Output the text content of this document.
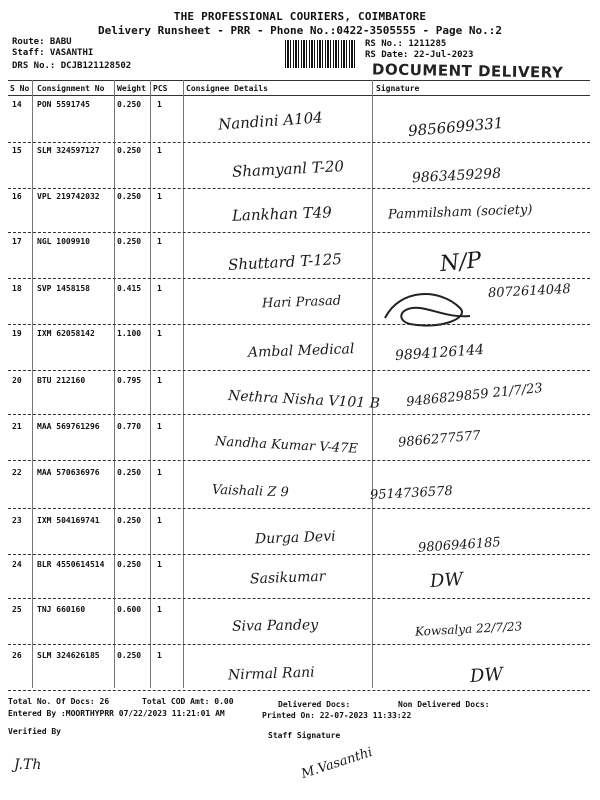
THE PROFESSIONAL COURIERS, COIMBATORE
Delivery Runsheet - PRR - Phone No.:0422-3505555 - Page No.:2
Route: BABU
Staff: VASANTHI
DRS No.: DCJB121128502
RS No.: 1211285
RS Date: 22-Jul-2023
DOCUMENT DELIVERY
S No Consignment No Weight PCS Consignee Details	Signature
14 PON 5591745	0.250 1
Nandini A104	9856699331
15 SLM 324597127 0.250 1
Shamyanl T-20	9863459298
16 VPL 219742032 0.250 1
Lankhan T49	Pammilsham (society)
17 NGL 1009910	0.250 1
Shuttard T-125	N/P
18 SVP 1458158	0.415 1
Hari Prasad
8072614048
19 IXM 62058142	1.100 1
Ambal Medical	9894126144
20 BTU 212160	0.795 1
Nethra Nisha V101 B 9486829859 21/7/23
21 MAA 569761296 0.770 1
Nandha Kumar V-47E	9866277577
22 MAA 570636976 0.250 1
Vaishali Z 9	9514736578
23 IXM 504169741 0.250 1
Durga Devi	9806946185
24 BLR 4550614514 0.250 1
Sasikumar	DW
25 TNJ 660160	0.600 1
Siva Pandey	Kowsalya 22/7/23
26 SLM 324626185 0.250 1
Nirmal Rani	DW
Total No. Of Docs: 26	Total COD Amt: 0.00	Delivered Docs:	Non Delivered Docs:
Entered By :MOORTHYPRR 07/22/2023 11:21:01 AM	Printed On: 22-07-2023 11:33:22
Verified By	Staff Signature
J.Th	M.Vasanthi
